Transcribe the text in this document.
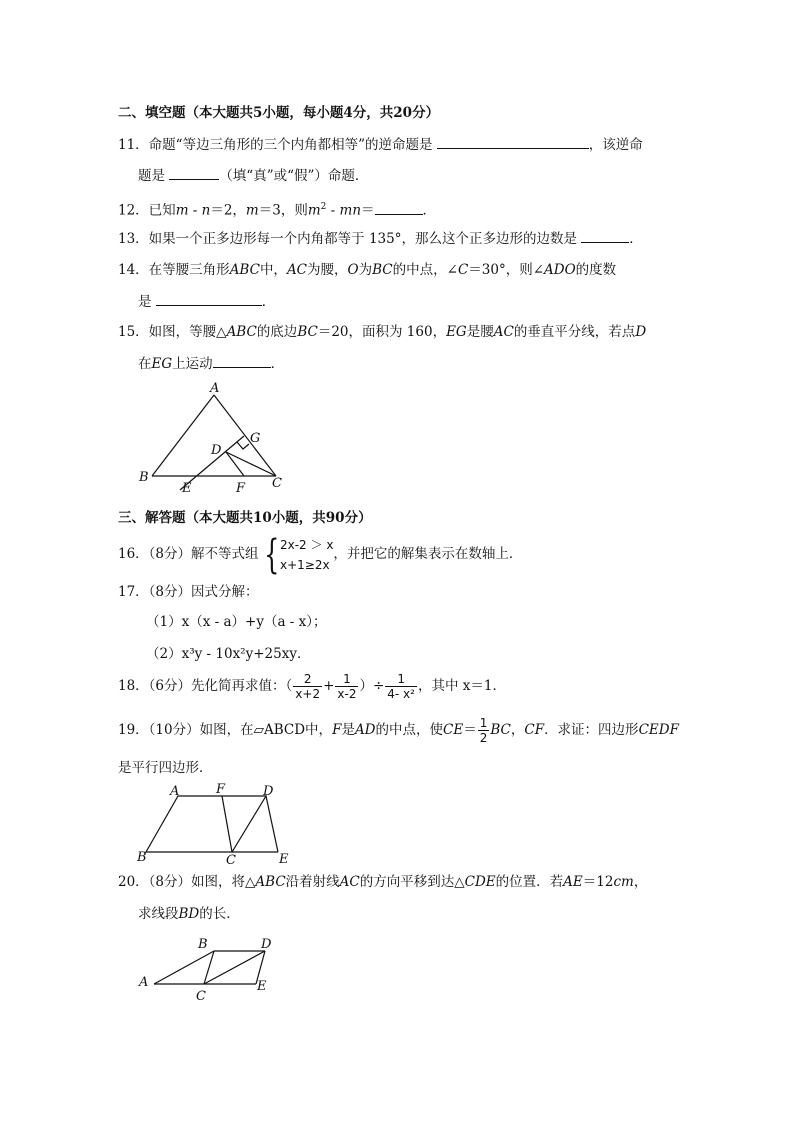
二、填空题（本大题共5小题，每小题4分，共20分）
11．命题“等边三角形的三个内角都相等”的逆命题是	，该逆命
题是	（填“真”或“假”）命题．
12．已知m - n＝2，m＝3，则$m^2 - mn=$	．
13．如果一个正多边形每一个内角都等于 135°，那么这个正多边形的边数是	．
14．在等腰三角形ABC中，AC为腰，O为BC的中点，∠C＝30°，则∠ADO的度数
是	．
15．如图，等腰△ABC的底边BC＝20，面积为 160，EG是腰AC的垂直平分线，若点D
在EG上运动	．
A
G
D
B
E	F C
三、解答题（本大题共10小题，共90分）
16．（8分）解不等式组 { 2x-2 ＞ x
x+1≥2x
，并把它的解集表示在数轴上．
17．（8分）因式分解：
（1）x（x - a）+y（a - x）；
（2）x³y - 10x²y+25xy．
18．（6分）先化简再求值：（ $\frac{2}{x+2} + \frac{1}{x-2}$ ）÷ $\frac{1}{\text{4- x²}}$ ，其中 x＝1．
19．（10分）如图，在▱ABCD中，F是AD的中点，使$CE= \frac{1}{2}$ BC，CF．求证：四边形CEDF
是平行四边形．
A	F	D
B	C	E
20．（8分）如图，将△ABC沿着射线AC的方向平移到达△CDE的位置．若AE＝12cm，
求线段BD的长．
B	D
A
C
E
